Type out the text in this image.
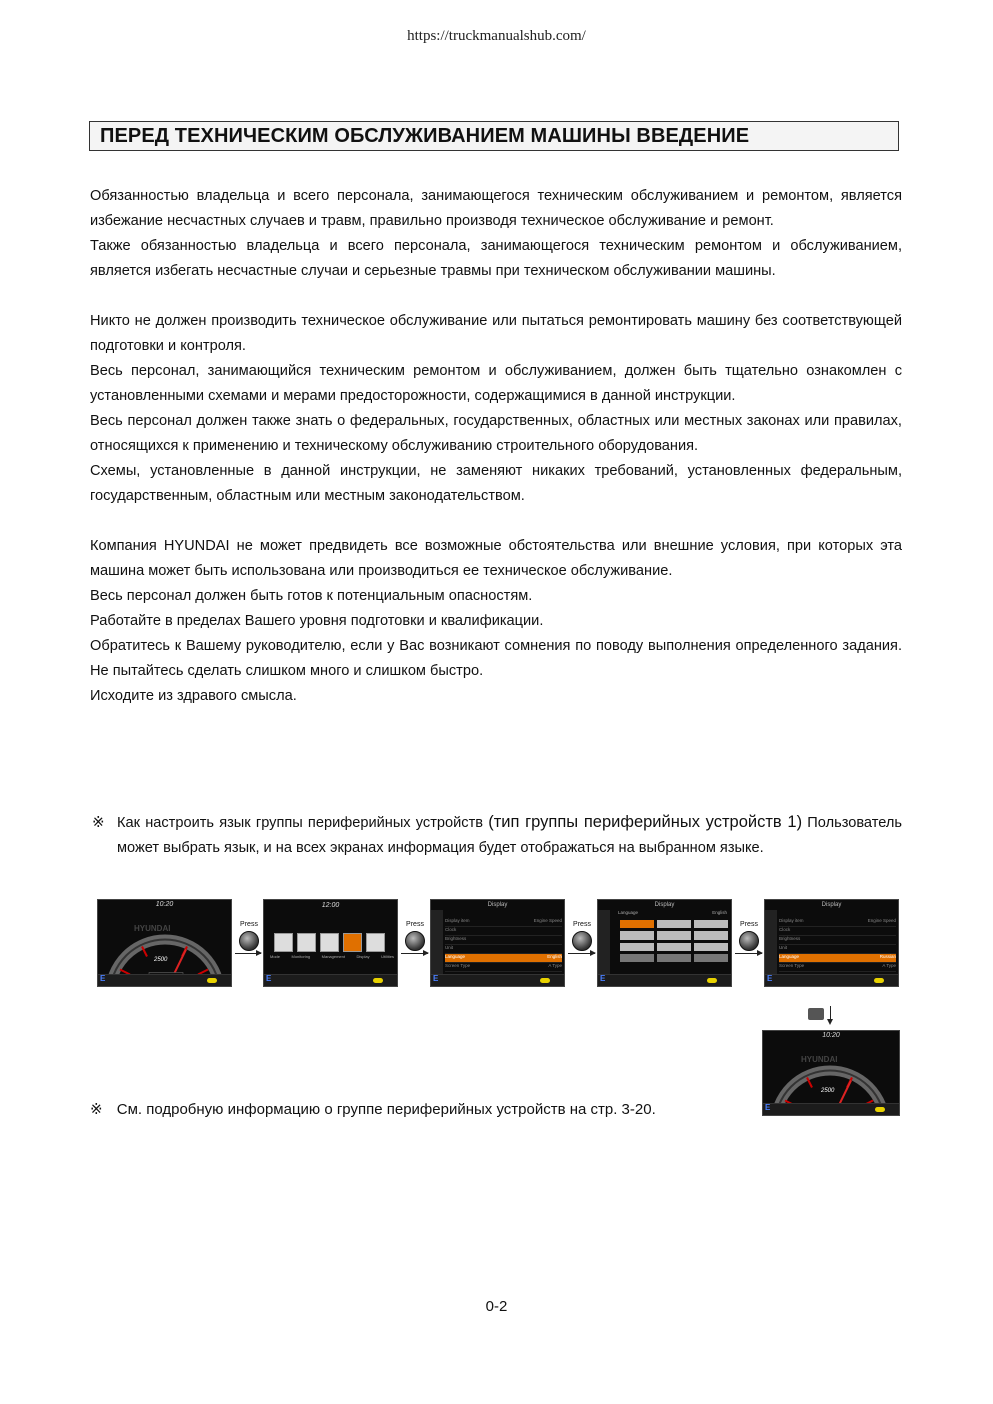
https://truckmanualshub.com/
ПЕРЕД ТЕХНИЧЕСКИМ ОБСЛУЖИВАНИЕМ МАШИНЫ ВВЕДЕНИЕ

Обязанностью владельца и всего персонала, занимающегося техническим обслуживанием и ремонтом, является избежание несчастных случаев и травм, правильно производя техническое обслуживание и ремонт.

Также обязанностью владельца и всего персонала, занимающегося техническим ремонтом и обслуживанием, является избегать несчастные случаи и серьезные травмы при техническом обслуживании машины.

Никто не должен производить техническое обслуживание или пытаться ремонтировать машину без соответствующей подготовки и контроля.

Весь персонал, занимающийся техническим ремонтом и обслуживанием, должен быть тщательно ознакомлен с установленными схемами и мерами предосторожности, содержащимися в данной инструкции.

Весь персонал должен также знать о федеральных, государственных, областных или местных законах или правилах, относящихся к применению и техническому обслуживанию строительного оборудования.

Схемы, установленные в данной инструкции, не заменяют никаких требований, установленных федеральным, государственным, областным или местным законодательством.

Компания HYUNDAI не может предвидеть все возможные обстоятельства или внешние условия, при которых эта машина может быть использована или производиться ее техническое обслуживание.

Весь персонал должен быть готов к потенциальным опасностям.

Работайте в пределах Вашего уровня подготовки и квалификации.

Обратитесь к Вашему руководителю, если у Вас возникают сомнения по поводу выполнения определенного задания. Не пытайтесь сделать слишком много и слишком быстро.

Исходите из здравого смысла.

※ Как настроить язык группы периферийных устройств (тип группы периферийных устройств 1) Пользователь может выбрать язык, и на всех экранах информация будет отображаться на выбранном языке.
10:20
HYUNDAI
2500
E
Press
12:00
Mode	Monitoring	Management	Display	Utilities
E
Press
Display
Display item	Engine Speed
Clock
Brightness
Unit
Language	English
Screen Type	A Type
E
Press
Display
Language	English
E
Press
Display
Display item	Engine Speed
Clock
Brightness
Unit
Language	Russian
Screen Type	A Type
E
10:20
HYUNDAI
2500
E
※ См. подробную информацию о группе периферийных устройств на стр. 3-20.
0-2
